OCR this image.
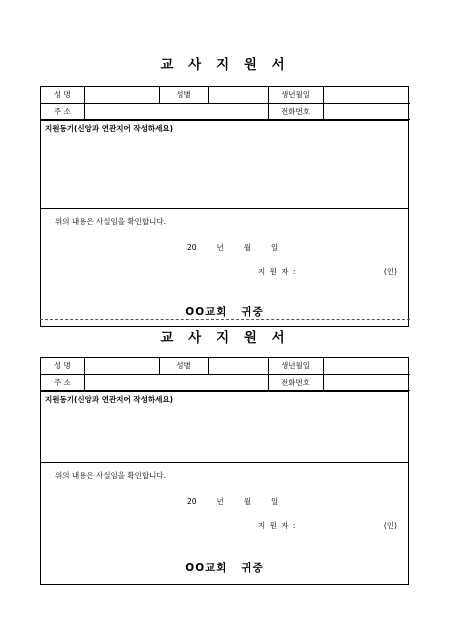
교 사 지 원 서
성 명		성별		생년월일	
주 소				전화번호	
지원동기(신앙과 연관지어 작성하세요)
위의 내용은 사실임을 확인합니다.
20	년	월	일
지 원 자 :	(인)
OO교회 귀중
교 사 지 원 서
성 명		성별		생년월일	
주 소				전화번호	
지원동기(신앙과 연관지어 작성하세요)
위의 내용은 사실임을 확인합니다.
20	년	월	일
지 원 자 :	(인)
OO교회 귀중
